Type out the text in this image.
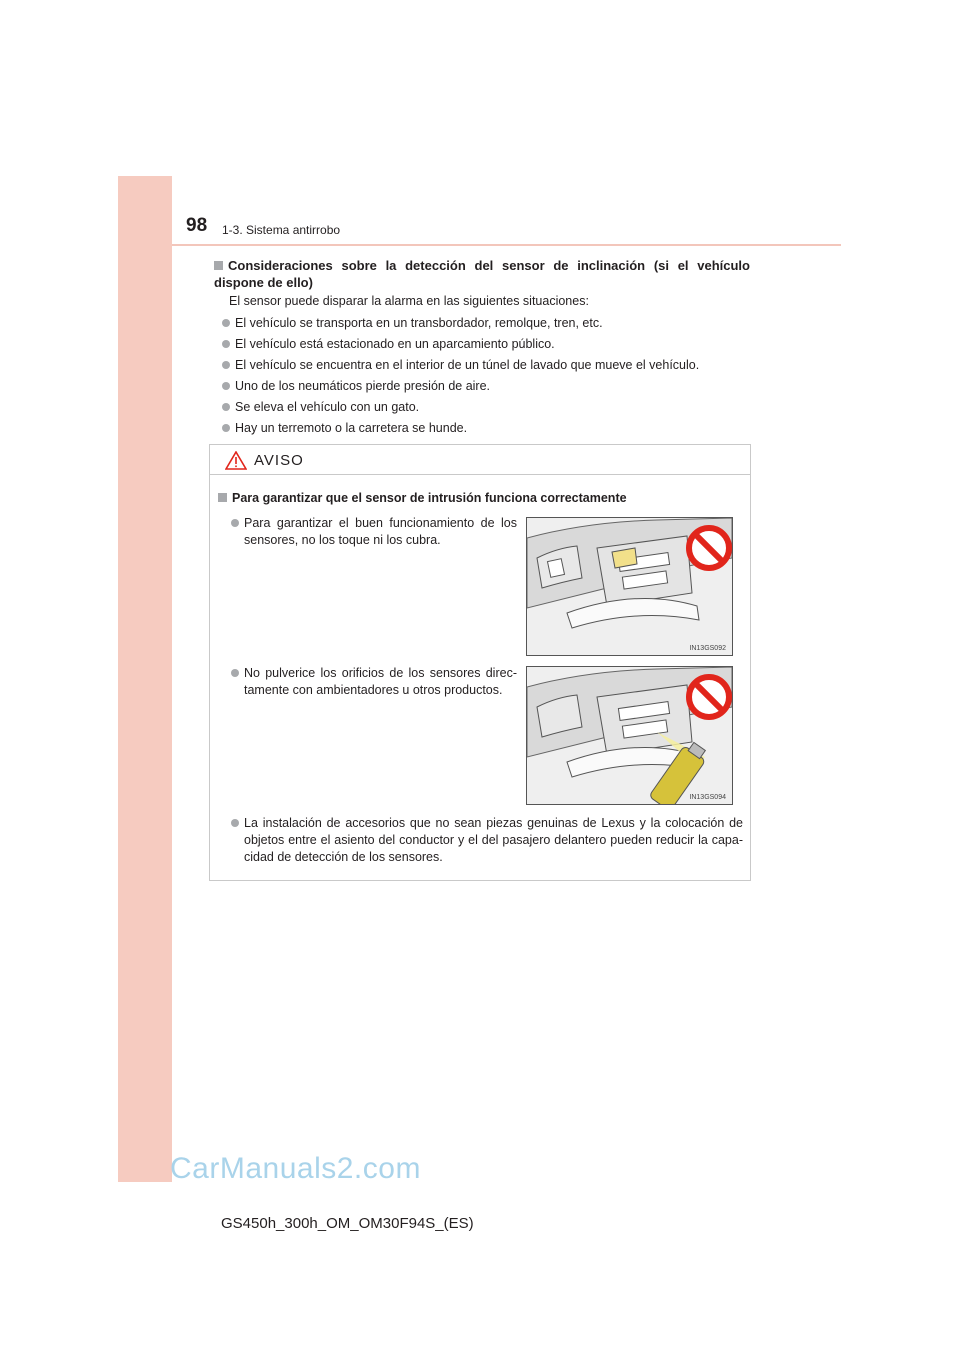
98 1-3. Sistema antirrobo
Consideraciones sobre la detección del sensor de inclinación (si el vehículo dispone de ello)
El sensor puede disparar la alarma en las siguientes situaciones:
El vehículo se transporta en un transbordador, remolque, tren, etc.
El vehículo está estacionado en un aparcamiento público.
El vehículo se encuentra en el interior de un túnel de lavado que mueve el vehículo.
Uno de los neumáticos pierde presión de aire.
Se eleva el vehículo con un gato.
Hay un terremoto o la carretera se hunde.
AVISO
Para garantizar que el sensor de intrusión funciona correctamente
Para garantizar el buen funcionamiento de los sensores, no los toque ni los cubra.
IN13GS092
No pulverice los orificios de los sensores direc-tamente con ambientadores u otros productos.
IN13GS094
La instalación de accesorios que no sean piezas genuinas de Lexus y la colocación de objetos entre el asiento del conductor y el del pasajero delantero pueden reducir la capa-cidad de detección de los sensores.
CarManuals2.com
GS450h_300h_OM_OM30F94S_(ES)
